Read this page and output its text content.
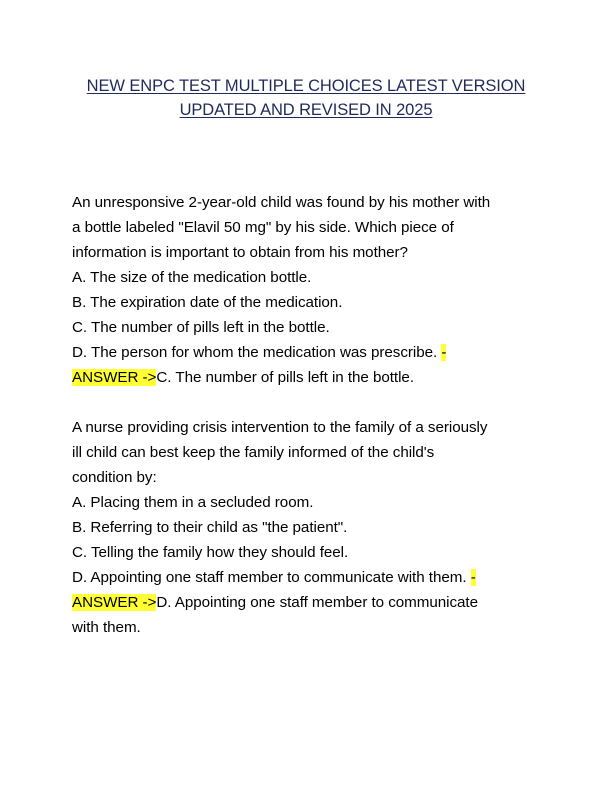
NEW ENPC TEST MULTIPLE CHOICES LATEST VERSION
UPDATED AND REVISED IN 2025
An unresponsive 2-year-old child was found by his mother with
a bottle labeled "Elavil 50 mg" by his side. Which piece of
information is important to obtain from his mother?
A. The size of the medication bottle.
B. The expiration date of the medication.
C. The number of pills left in the bottle.
D. The person for whom the medication was prescribe. -
ANSWER ->C. The number of pills left in the bottle.
A nurse providing crisis intervention to the family of a seriously
ill child can best keep the family informed of the child's
condition by:
A. Placing them in a secluded room.
B. Referring to their child as "the patient".
C. Telling the family how they should feel.
D. Appointing one staff member to communicate with them. -
ANSWER ->D. Appointing one staff member to communicate
with them.
